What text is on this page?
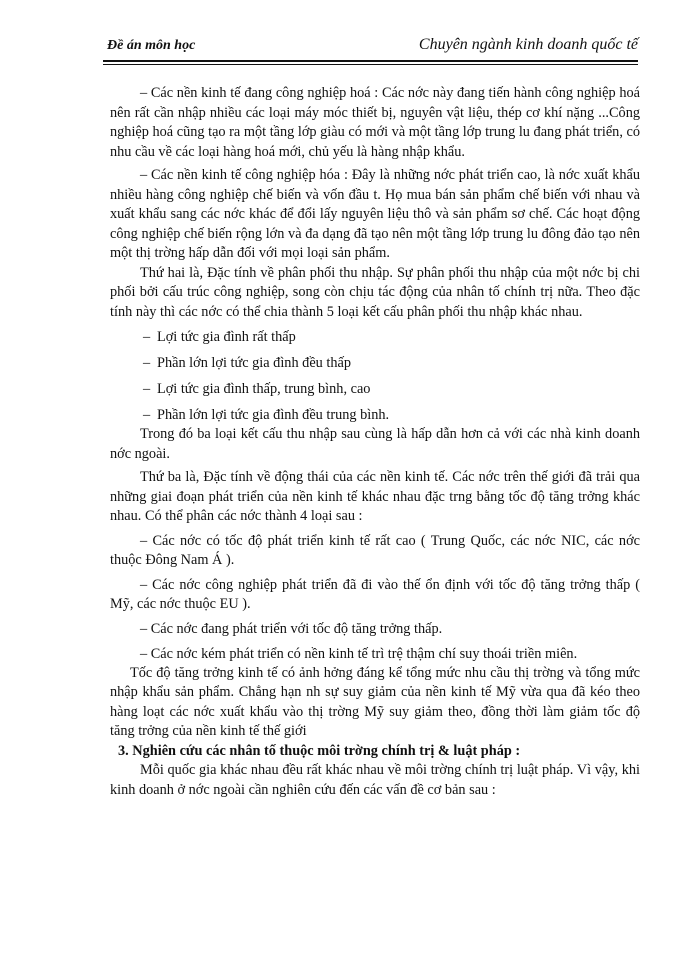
Đề án môn học	Chuyên ngành kinh doanh quốc tế

– Các nền kinh tế đang công nghiệp hoá : Các nớc này đang tiến hành công nghiệp hoá nên rất cần nhập nhiều các loại máy móc thiết bị, nguyên vật liệu, thép cơ khí nặng ...Công nghiệp hoá cũng tạo ra một tầng lớp giàu có mới và một tầng lớp trung lu đang phát triển, có nhu cầu về các loại hàng hoá mới, chủ yếu là hàng nhập khẩu.

– Các nền kinh tế công nghiệp hóa : Đây là những nớc phát triển cao, là nớc xuất khẩu nhiều hàng công nghiệp chế biến và vốn đầu t. Họ mua bán sản phẩm chế biến với nhau và xuất khẩu sang các nớc khác để đổi lấy nguyên liệu thô và sản phẩm sơ chế. Các hoạt động công nghiệp chế biến rộng lớn và đa dạng đã tạo nên một tầng lớp trung lu đông đảo tạo nên một thị trờng hấp dẫn đối với mọi loại sản phẩm.

Thứ hai là, Đặc tính về phân phối thu nhập. Sự phân phối thu nhập của một nớc bị chi phối bởi cấu trúc công nghiệp, song còn chịu tác động của nhân tố chính trị nữa. Theo đặc tính này thì các nớc có thể chia thành 5 loại kết cấu phân phối thu nhập khác nhau.

– Lợi tức gia đình rất thấp
– Phần lớn lợi tức gia đình đều thấp
– Lợi tức gia đình thấp, trung bình, cao
– Phần lớn lợi tức gia đình đều trung bình.

Trong đó ba loại kết cấu thu nhập sau cùng là hấp dẫn hơn cả với các nhà kinh doanh nớc ngoài.

Thứ ba là, Đặc tính về động thái của các nền kinh tế. Các nớc trên thế giới đã trải qua những giai đoạn phát triển của nền kinh tế khác nhau đặc trng bằng tốc độ tăng trởng khác nhau. Có thể phân các nớc thành 4 loại sau :

– Các nớc có tốc độ phát triển kinh tế rất cao ( Trung Quốc, các nớc NIC, các nớc thuộc Đông Nam Á ).
– Các nớc công nghiệp phát triển đã đi vào thế ổn định với tốc độ tăng trởng thấp ( Mỹ, các nớc thuộc EU ).
– Các nớc đang phát triển với tốc độ tăng trởng thấp.
– Các nớc kém phát triển có nền kinh tế trì trệ thậm chí suy thoái triền miên.

Tốc độ tăng trởng kinh tế có ảnh hởng đáng kể tổng mức nhu cầu thị trờng và tổng mức nhập khẩu sản phẩm. Chẳng hạn nh sự suy giảm của nền kinh tế Mỹ vừa qua đã kéo theo hàng loạt các nớc xuất khẩu vào thị trờng Mỹ suy giảm theo, đồng thời làm giảm tốc độ tăng trởng của nền kinh tế thế giới

3. Nghiên cứu các nhân tố thuộc môi trờng chính trị & luật pháp :

Mỗi quốc gia khác nhau đều rất khác nhau về môi trờng chính trị luật pháp. Vì vậy, khi kinh doanh ở nớc ngoài cần nghiên cứu đến các vấn đề cơ bản sau :
